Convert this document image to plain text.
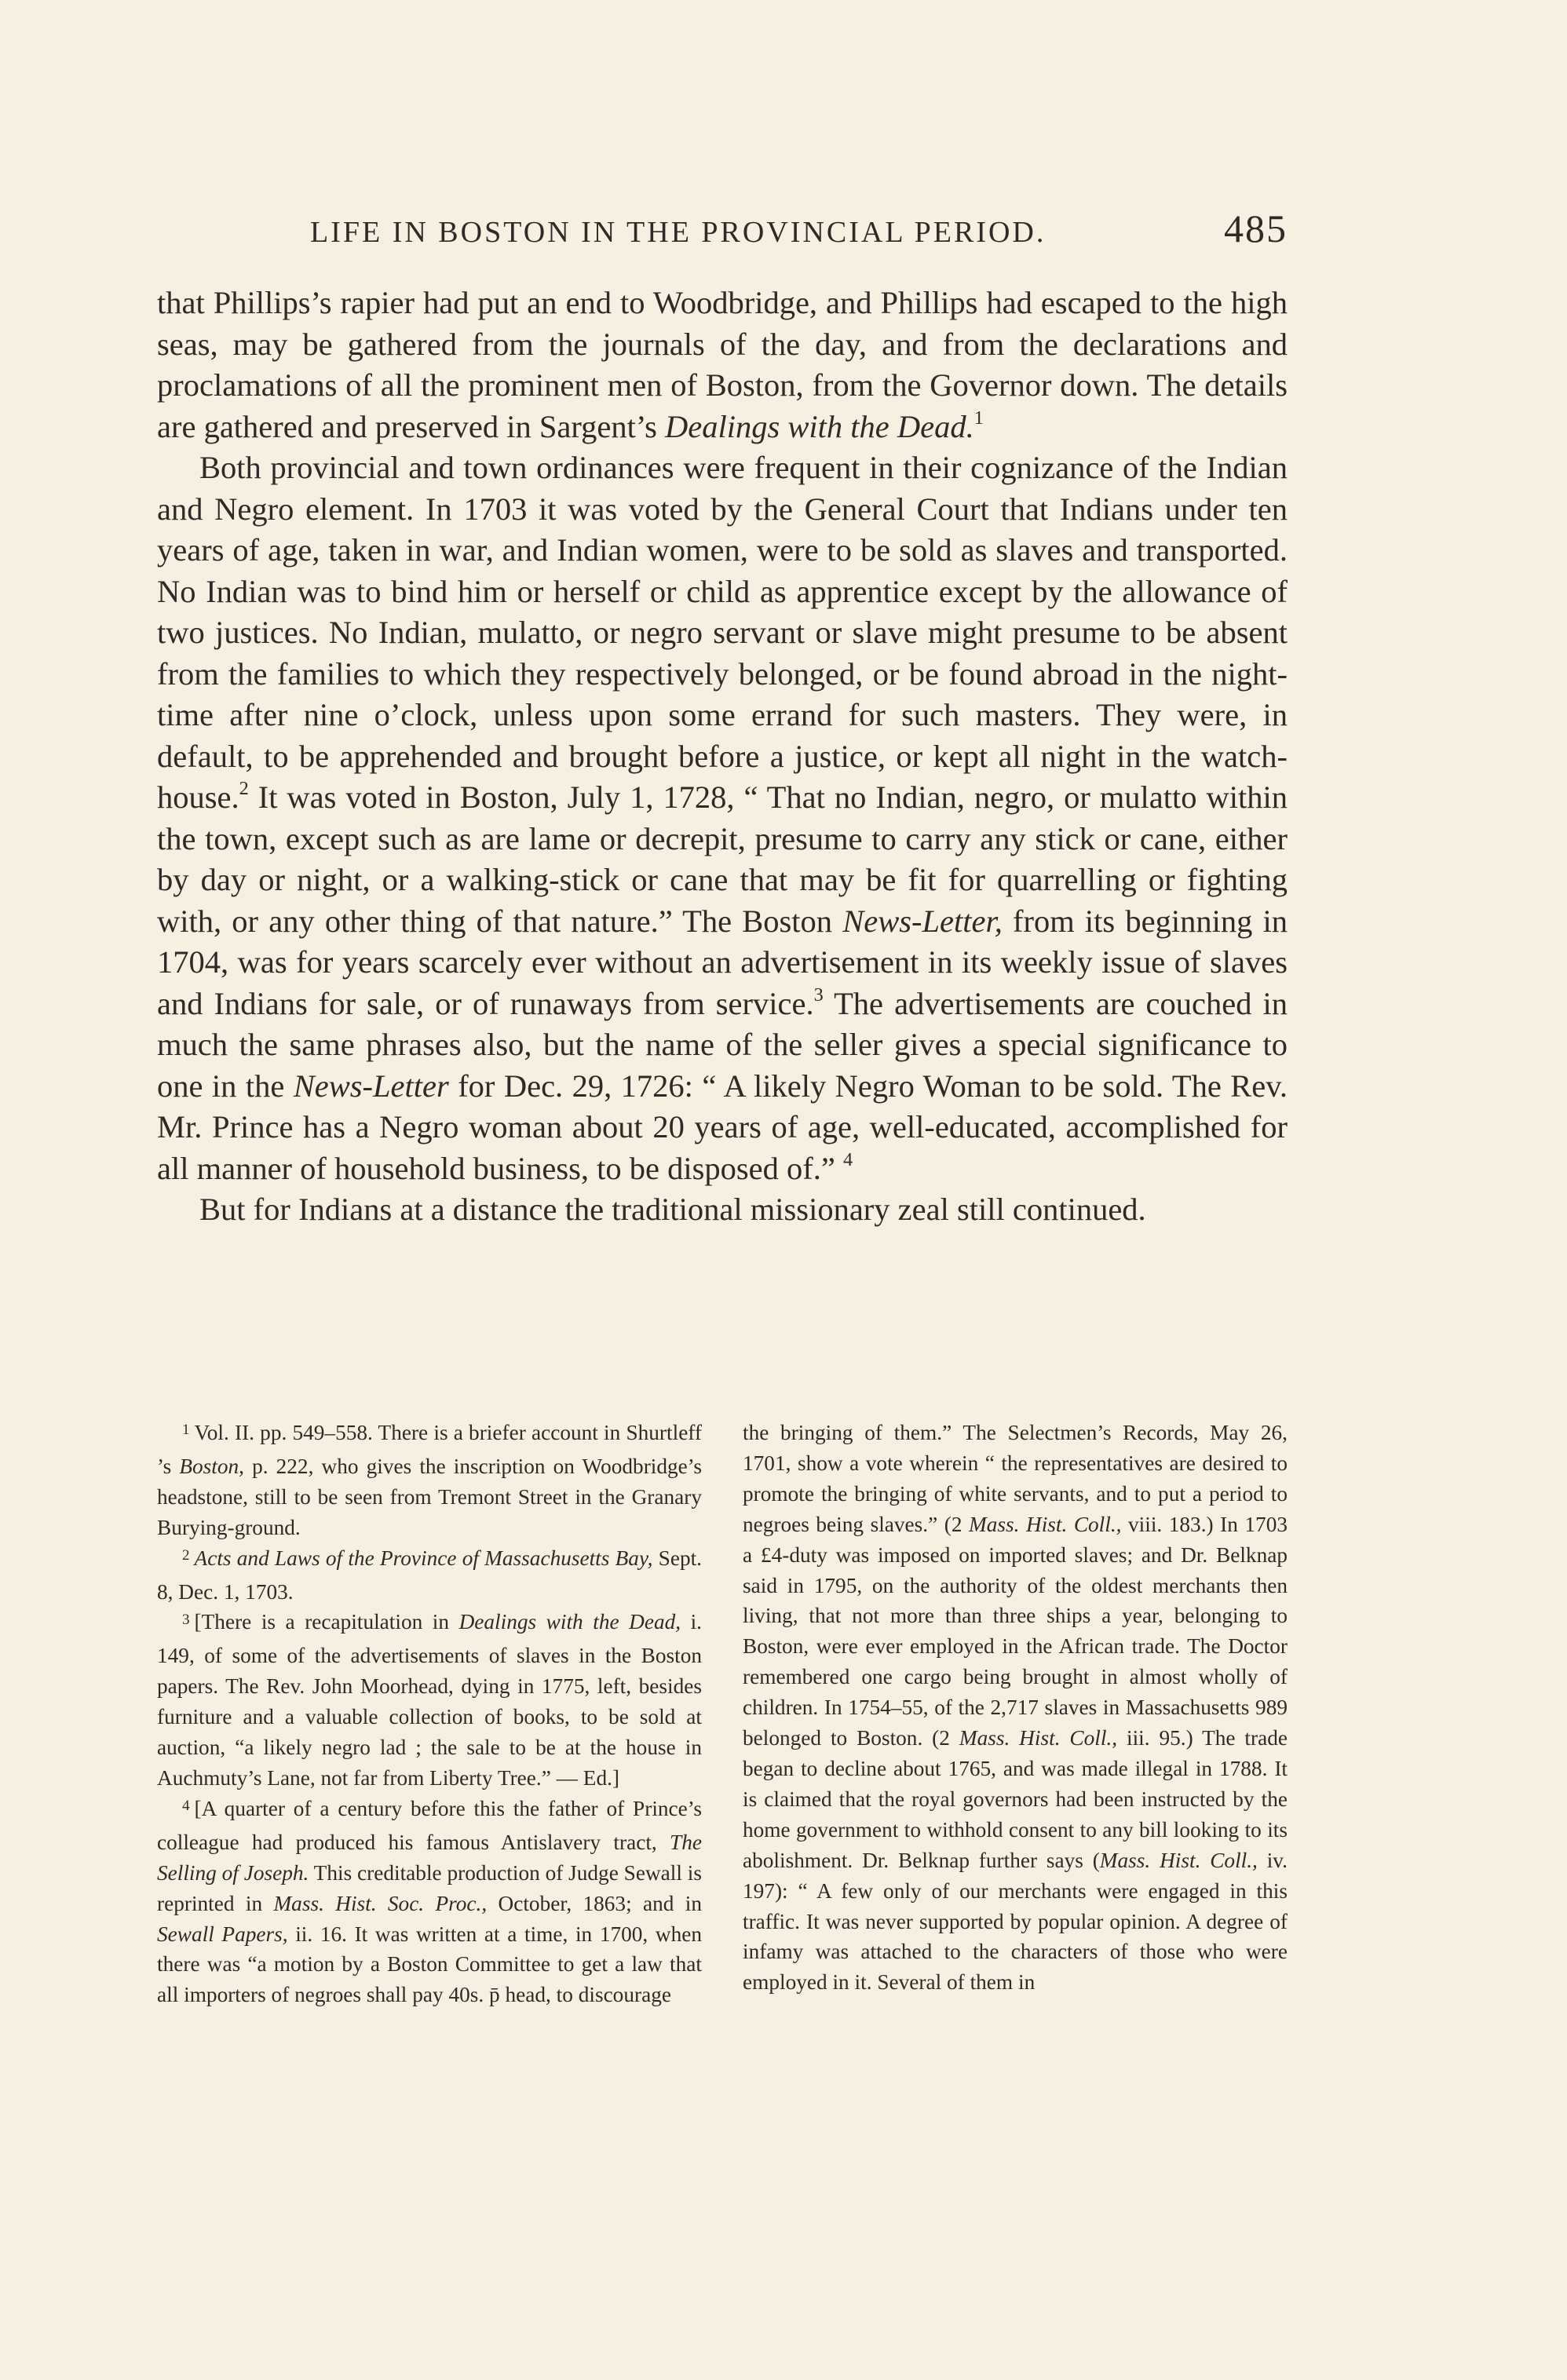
LIFE IN BOSTON IN THE PROVINCIAL PERIOD.	485

that Phillips’s rapier had put an end to Woodbridge, and Phillips had escaped to the high seas, may be gathered from the journals of the day, and from the declarations and proclamations of all the prominent men of Boston, from the Governor down. The details are gathered and preserved in Sargent’s Dealings with the Dead.$^1$

Both provincial and town ordinances were frequent in their cognizance of the Indian and Negro element. In 1703 it was voted by the General Court that Indians under ten years of age, taken in war, and Indian women, were to be sold as slaves and transported. No Indian was to bind him or herself or child as apprentice except by the allowance of two justices. No Indian, mulatto, or negro servant or slave might presume to be absent from the families to which they respectively belonged, or be found abroad in the night-time after nine o’clock, unless upon some errand for such masters. They were, in default, to be apprehended and brought before a justice, or kept all night in the watch-house.$^2$ It was voted in Boston, July 1, 1728, “ That no Indian, negro, or mulatto within the town, except such as are lame or decrepit, presume to carry any stick or cane, either by day or night, or a walking-stick or cane that may be fit for quarrelling or fighting with, or any other thing of that nature.” The Boston News-Letter, from its beginning in 1704, was for years scarcely ever without an advertisement in its weekly issue of slaves and Indians for sale, or of runaways from service.$^3$ The advertisements are couched in much the same phrases also, but the name of the seller gives a special significance to one in the News-Letter for Dec. 29, 1726: “ A likely Negro Woman to be sold. The Rev. Mr. Prince has a Negro woman about 20 years of age, well-educated, accomplished for all manner of household business, to be disposed of.” $^4$

But for Indians at a distance the traditional missionary zeal still continued.

$^1$ Vol. II. pp. 549–558. There is a briefer account in Shurtleff ’s Boston, p. 222, who gives the inscription on Woodbridge’s headstone, still to be seen from Tremont Street in the Granary Burying-ground.

$^2$ Acts and Laws of the Province of Massachusetts Bay, Sept. 8, Dec. 1, 1703.

$^3$ [There is a recapitulation in Dealings with the Dead, i. 149, of some of the advertisements of slaves in the Boston papers. The Rev. John Moorhead, dying in 1775, left, besides furniture and a valuable collection of books, to be sold at auction, “a likely negro lad ; the sale to be at the house in Auchmuty’s Lane, not far from Liberty Tree.” — Ed.]

$^4$ [A quarter of a century before this the father of Prince’s colleague had produced his famous Antislavery tract, The Selling of Joseph. This creditable production of Judge Sewall is reprinted in Mass. Hist. Soc. Proc., October, 1863; and in Sewall Papers, ii. 16. It was written at a time, in 1700, when there was “a motion by a Boston Committee to get a law that all importers of negroes shall pay 40s. p̄ head, to discourage

the bringing of them.” The Selectmen’s Records, May 26, 1701, show a vote wherein “ the representatives are desired to promote the bringing of white servants, and to put a period to negroes being slaves.” (2 Mass. Hist. Coll., viii. 183.) In 1703 a £4-duty was imposed on imported slaves; and Dr. Belknap said in 1795, on the authority of the oldest merchants then living, that not more than three ships a year, belonging to Boston, were ever employed in the African trade. The Doctor remembered one cargo being brought in almost wholly of children. In 1754–55, of the 2,717 slaves in Massachusetts 989 belonged to Boston. (2 Mass. Hist. Coll., iii. 95.) The trade began to decline about 1765, and was made illegal in 1788. It is claimed that the royal governors had been instructed by the home government to withhold consent to any bill looking to its abolishment. Dr. Belknap further says (Mass. Hist. Coll., iv. 197): “ A few only of our merchants were engaged in this traffic. It was never supported by popular opinion. A degree of infamy was attached to the characters of those who were employed in it. Several of them in
